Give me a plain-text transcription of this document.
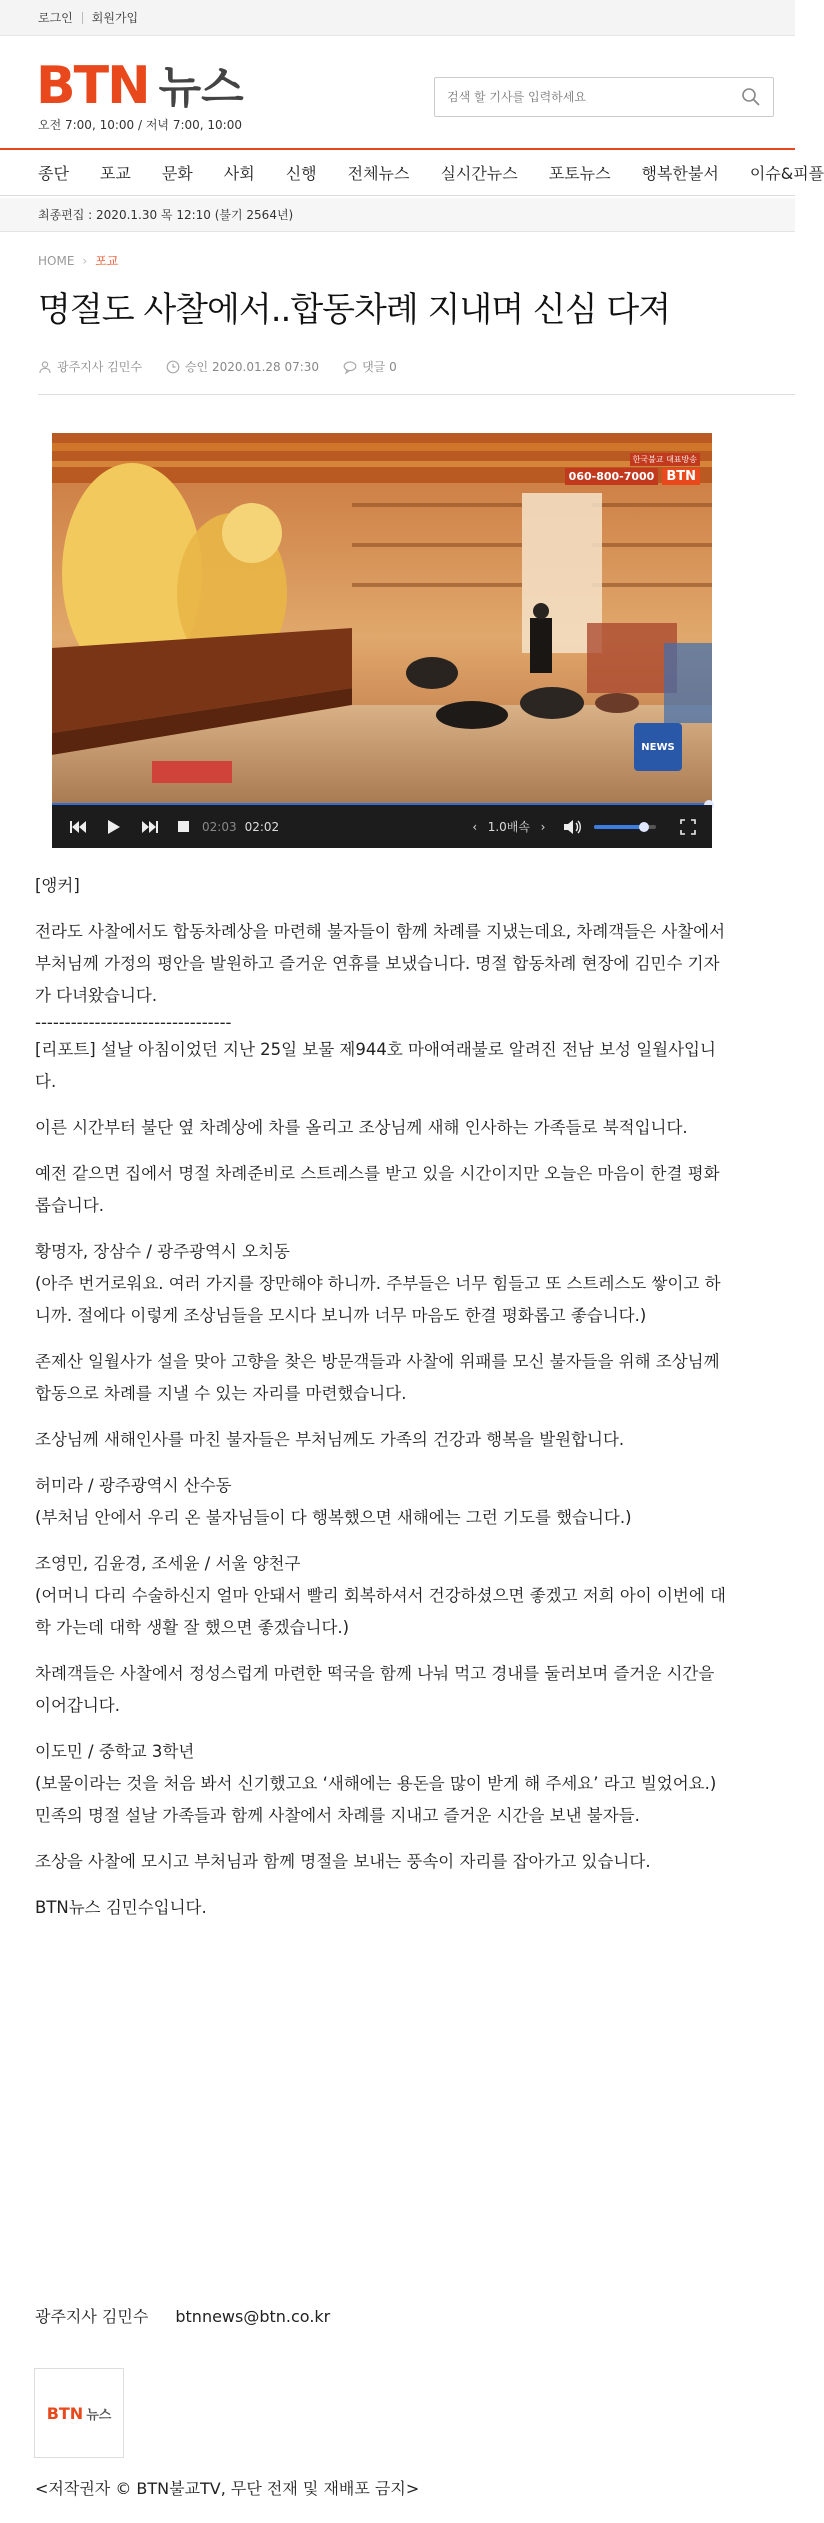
로그인 회원가입
BTN 뉴스
오전 7:00, 10:00 / 저녁 7:00, 10:00
검색 할 기사를 입력하세요
종단 포교 문화 사회 신행 전체뉴스 실시간뉴스 포토뉴스 행복한불서 이슈&피플
최종편집 : 2020.1.30 목 12:10 (불기 2564년)
HOME › 포교
명절도 사찰에서..합동차례 지내며 신심 다져
광주지사 김민수	승인 2020.01.28 07:30	댓글 0
한국불교 대표방송
060-800-7000 BTN
NEWS
02:03 02:02	‹ 1.0배속 ›

[앵커]

전라도 사찰에서도 합동차례상을 마련해 불자들이 함께 차례를 지냈는데요, 차례객들은 사찰에서 부처님께 가정의 평안을 발원하고 즐거운 연휴를 보냈습니다. 명절 합동차례 현장에 김민수 기자가 다녀왔습니다.

---------------------------------

[리포트] 설날 아침이었던 지난 25일 보물 제944호 마애여래불로 알려진 전남 보성 일월사입니다.

이른 시간부터 불단 옆 차례상에 차를 올리고 조상님께 새해 인사하는 가족들로 북적입니다.

예전 같으면 집에서 명절 차례준비로 스트레스를 받고 있을 시간이지만 오늘은 마음이 한결 평화롭습니다.

황명자, 장삼수 / 광주광역시 오치동
(아주 번거로워요. 여러 가지를 장만해야 하니까. 주부들은 너무 힘들고 또 스트레스도 쌓이고 하니까. 절에다 이렇게 조상님들을 모시다 보니까 너무 마음도 한결 평화롭고 좋습니다.)

존제산 일월사가 설을 맞아 고향을 찾은 방문객들과 사찰에 위패를 모신 불자들을 위해 조상님께 합동으로 차례를 지낼 수 있는 자리를 마련했습니다.

조상님께 새해인사를 마친 불자들은 부처님께도 가족의 건강과 행복을 발원합니다.

허미라 / 광주광역시 산수동
(부처님 안에서 우리 온 불자님들이 다 행복했으면 새해에는 그런 기도를 했습니다.)
조영민, 김윤경, 조세윤 / 서울 양천구
(어머니 다리 수술하신지 얼마 안돼서 빨리 회복하셔서 건강하셨으면 좋겠고 저희 아이 이번에 대학 가는데 대학 생활 잘 했으면 좋겠습니다.)

차례객들은 사찰에서 정성스럽게 마련한 떡국을 함께 나눠 먹고 경내를 둘러보며 즐거운 시간을 이어갑니다.

이도민 / 중학교 3학년
(보물이라는 것을 처음 봐서 신기했고요 ‘새해에는 용돈을 많이 받게 해 주세요’ 라고 빌었어요.)

민족의 명절 설날 가족들과 함께 사찰에서 차례를 지내고 즐거운 시간을 보낸 불자들.

조상을 사찰에 모시고 부처님과 함께 명절을 보내는 풍속이 자리를 잡아가고 있습니다.

BTN뉴스 김민수입니다.

광주지사 김민수 btnnews@btn.co.kr
BTN 뉴스
<저작권자 © BTN불교TV, 무단 전재 및 재배포 금지>
